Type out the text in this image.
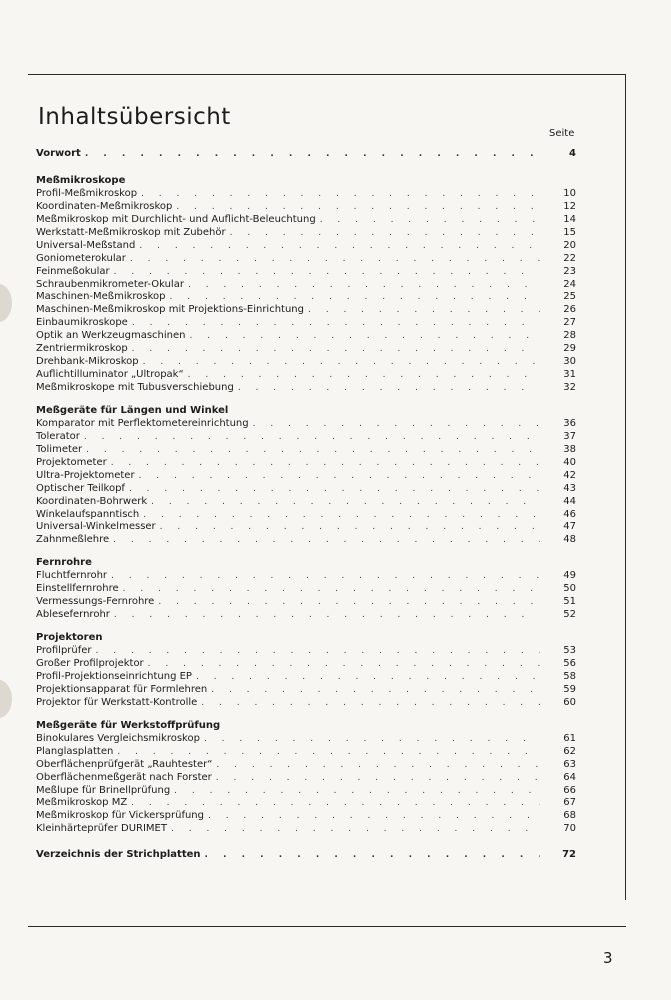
Inhaltsübersicht
Seite
Vorwort . . .	4
Meßmikroskope
Profil-Meßmikroskop . . .	10
Koordinaten-Meßmikroskop . . .	12
Meßmikroskop mit Durchlicht- und Auflicht-Beleuchtung . . .	14
Werkstatt-Meßmikroskop mit Zubehör . . .	15
Universal-Meßstand . . .	20
Goniometerokular . . .	22
Feinmeßokular . . .	23
Schraubenmikrometer-Okular . . .	24
Maschinen-Meßmikroskop . . .	25
Maschinen-Meßmikroskop mit Projektions-Einrichtung . . .	26
Einbaumikroskope . . .	27
Optik an Werkzeugmaschinen . . .	28
Zentriermikroskop . . .	29
Drehbank-Mikroskop . . .	30
Auflichtilluminator „Ultropak“ . . .	31
Meßmikroskope mit Tubusverschiebung . . .	32
Meßgeräte für Längen und Winkel
Komparator mit Perflektometereinrichtung . . .	36
Tolerator . . .	37
Tolimeter . . .	38
Projektometer . . .	40
Ultra-Projektometer . . .	42
Optischer Teilkopf . . .	43
Koordinaten-Bohrwerk . . .	44
Winkelaufspanntisch . . .	46
Universal-Winkelmesser . . .	47
Zahnmeßlehre . . .	48
Fernrohre
Fluchtfernrohr . . .	49
Einstellfernrohre . . .	50
Vermessungs-Fernrohre . . .	51
Ablesefernrohr . . .	52
Projektoren
Profilprüfer . . .	53
Großer Profilprojektor . . .	56
Profil-Projektionseinrichtung EP . . .	58
Projektionsapparat für Formlehren . . .	59
Projektor für Werkstatt-Kontrolle . . .	60
Meßgeräte für Werkstoffprüfung
Binokulares Vergleichsmikroskop . . .	61
Planglasplatten . . .	62
Oberflächenprüfgerät „Rauhtester“ . . .	63
Oberflächenmeßgerät nach Forster . . .	64
Meßlupe für Brinellprüfung . . .	66
Meßmikroskop MZ . . .	67
Meßmikroskop für Vickersprüfung . . .	68
Kleinhärteprüfer DURIMET . . .	70
Verzeichnis der Strichplatten . . .	72
3
